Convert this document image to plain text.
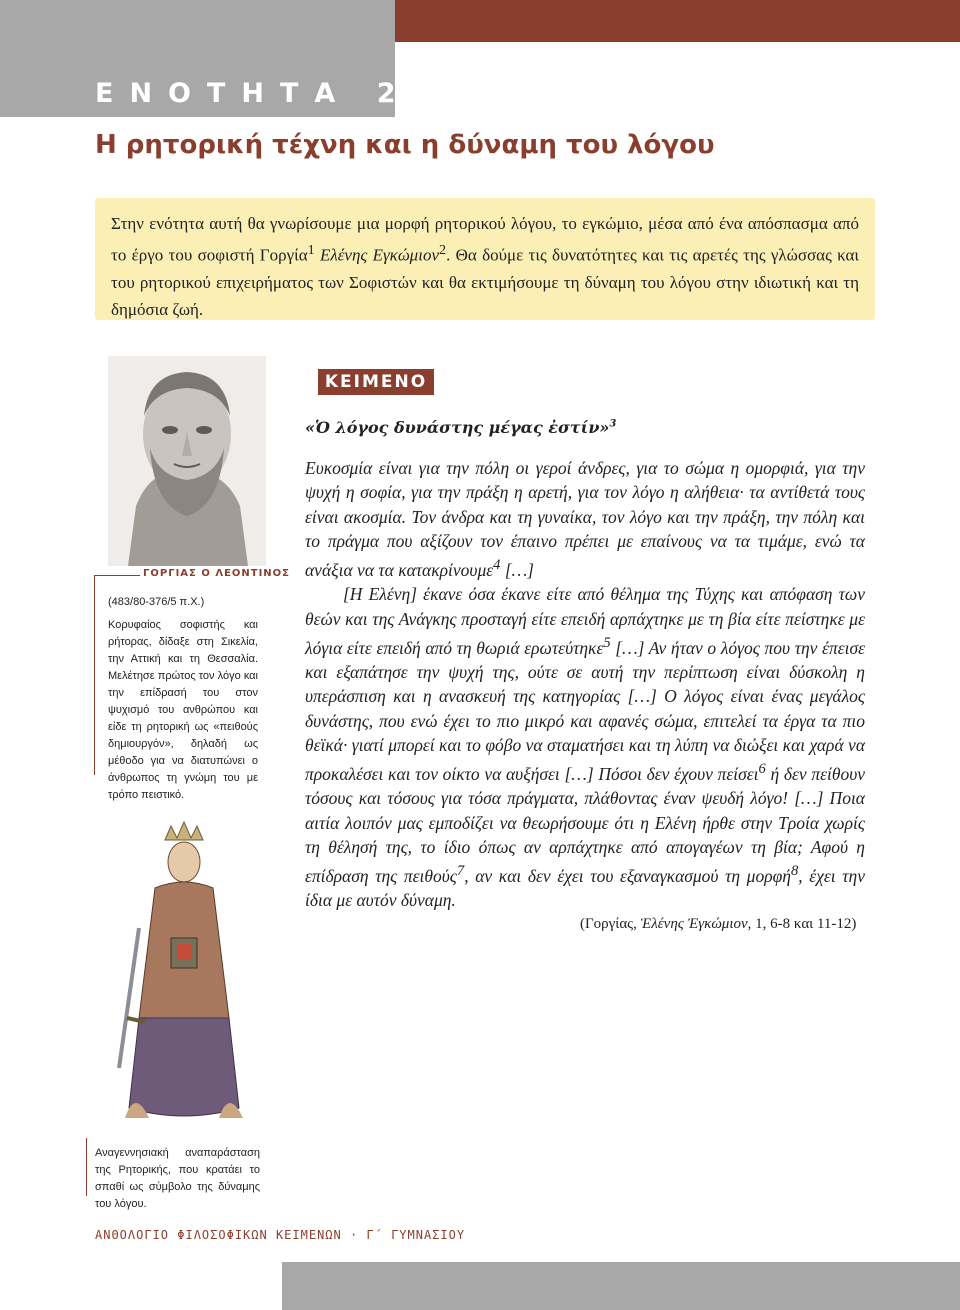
ΕΝΟΤΗΤΑ 2η
Η ρητορική τέχνη και η δύναμη του λόγου
Στην ενότητα αυτή θα γνωρίσουμε μια μορφή ρητορικού λόγου, το εγκώμιο, μέσα από ένα απόσπασμα από το έργο του σοφιστή Γοργία$^1$ Ελένης Εγκώμιον$^2$. Θα δούμε τις δυνατότητες και τις αρετές της γλώσσας και του ρητορικού επιχειρήματος των Σοφιστών και θα εκτιμήσουμε τη δύναμη του λόγου στην ιδιωτική και τη δημόσια ζωή.
ΓΟΡΓΙΑΣ Ο ΛΕΟΝΤΙΝΟΣ

(483/80-376/5 π.Χ.)

Κορυφαίος σοφιστής και ρήτορας, δίδαξε στη Σικελία, την Αττική και τη Θεσσαλία. Μελέτησε πρώτος τον λόγο και την επίδρασή του στον ψυχισμό του ανθρώπου και είδε τη ρητορική ως «πειθούς δημιουργόν», δηλαδή ως μέθοδο για να διατυπώνει ο άνθρωπος τη γνώμη του με τρόπο πειστικό.

Αναγεννησιακή αναπαράσταση της Ρητορικής, που κρατάει το σπαθί ως σύμβολο της δύναμης του λόγου.
ΚΕΙΜΕΝΟ
«Ὁ λόγος δυνάστης μέγας ἐστίν»$^3$

Ευκοσμία είναι για την πόλη οι γεροί άνδρες, για το σώμα η ομορφιά, για την ψυχή η σοφία, για την πράξη η αρετή, για τον λόγο η αλήθεια· τα αντίθετά τους είναι ακοσμία. Τον άνδρα και τη γυναίκα, τον λόγο και την πράξη, την πόλη και το πράγμα που αξίζουν τον έπαινο πρέπει με επαίνους να τα τιμάμε, ενώ τα ανάξια να τα κατακρίνουμε$^4$ […]

[Η Ελένη] έκανε όσα έκανε είτε από θέλημα της Τύχης και απόφαση των θεών και της Ανάγκης προσταγή είτε επειδή αρπάχτηκε με τη βία είτε πείστηκε με λόγια είτε επειδή από τη θωριά ερωτεύτηκε$^5$ […] Αν ήταν ο λόγος που την έπεισε και εξαπάτησε την ψυχή της, ούτε σε αυτή την περίπτωση είναι δύσκολη η υπεράσπιση και η ανασκευή της κατηγορίας […] Ο λόγος είναι ένας μεγάλος δυνάστης, που ενώ έχει το πιο μικρό και αφανές σώμα, επιτελεί τα έργα τα πιο θεϊκά· γιατί μπορεί και το φόβο να σταματήσει και τη λύπη να διώξει και χαρά να προκαλέσει και τον οίκτο να αυξήσει […] Πόσοι δεν έχουν πείσει$^6$ ή δεν πείθουν τόσους και τόσους για τόσα πράγματα, πλάθοντας έναν ψευδή λόγο! […] Ποια αιτία λοιπόν μας εμποδίζει να θεωρήσουμε ότι η Ελένη ήρθε στην Τροία χωρίς τη θέλησή της, το ίδιο όπως αν αρπάχτηκε από απογαγέων τη βία; Αφού η επίδραση της πειθούς$^7$, αν και δεν έχει του εξαναγκασμού τη μορφή$^8$, έχει την ίδια με αυτόν δύναμη.

(Γοργίας, Ἑλένης Ἐγκώμιον, 1, 6-8 και 11-12)
ΑΝΘΟΛΟΓΙΟ ΦΙΛΟΣΟΦΙΚΩΝ ΚΕΙΜΕΝΩΝ · Γ΄ ΓΥΜΝΑΣΙΟΥ
